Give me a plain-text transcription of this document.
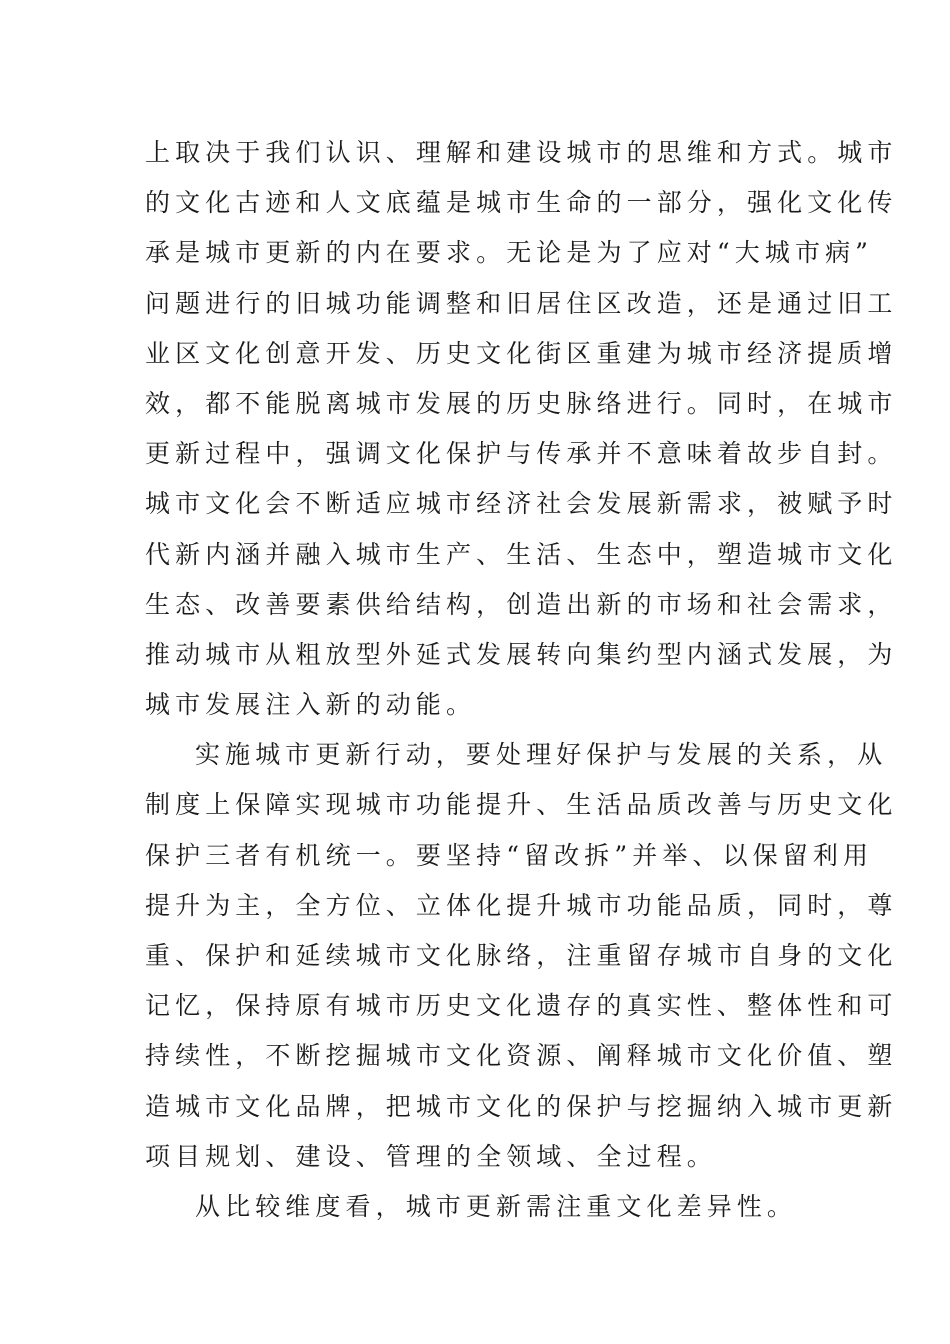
上取决于我们认识、理解和建设城市的思维和方式。城市
的文化古迹和人文底蕴是城市生命的一部分，强化文化传
承是城市更新的内在要求。无论是为了应对“大城市病”
问题进行的旧城功能调整和旧居住区改造，还是通过旧工
业区文化创意开发、历史文化街区重建为城市经济提质增
效，都不能脱离城市发展的历史脉络进行。同时，在城市
更新过程中，强调文化保护与传承并不意味着故步自封。
城市文化会不断适应城市经济社会发展新需求，被赋予时
代新内涵并融入城市生产、生活、生态中，塑造城市文化
生态、改善要素供给结构，创造出新的市场和社会需求，
推动城市从粗放型外延式发展转向集约型内涵式发展，为
城市发展注入新的动能。
实施城市更新行动，要处理好保护与发展的关系，从
制度上保障实现城市功能提升、生活品质改善与历史文化
保护三者有机统一。要坚持“留改拆”并举、以保留利用
提升为主，全方位、立体化提升城市功能品质，同时，尊
重、保护和延续城市文化脉络，注重留存城市自身的文化
记忆，保持原有城市历史文化遗存的真实性、整体性和可
持续性，不断挖掘城市文化资源、阐释城市文化价值、塑
造城市文化品牌，把城市文化的保护与挖掘纳入城市更新
项目规划、建设、管理的全领域、全过程。
从比较维度看，城市更新需注重文化差异性。
